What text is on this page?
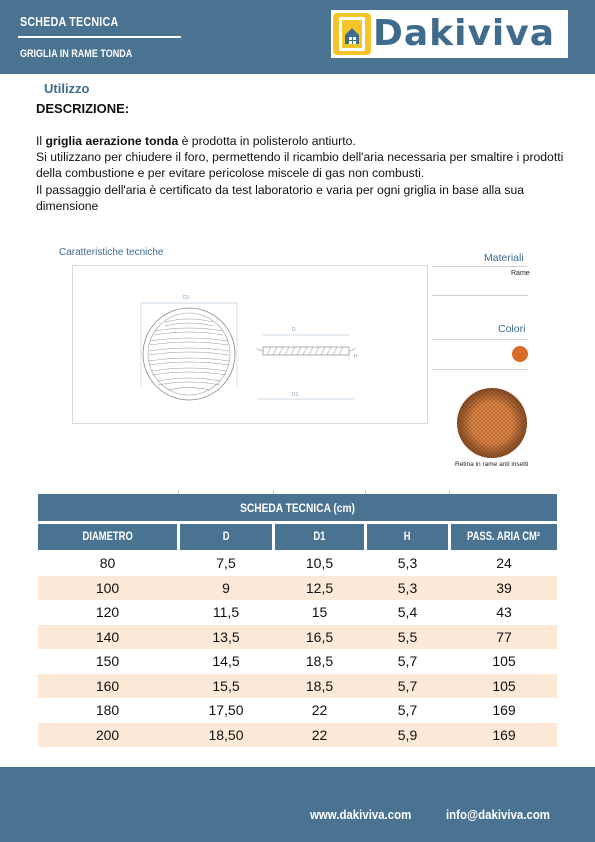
SCHEDA TECNICA
GRIGLIA IN RAME TONDA	Dakiviva
Utilizzo
DESCRIZIONE:

Il griglia aerazione tonda è prodotta in polisterolo antiurto.

Si utilizzano per chiudere il foro, permettendo il ricambio dell'aria necessaria per smaltire i prodotti della combustione e per evitare pericolose miscele di gas non combusti.

Il passaggio dell'aria è certificato da test laboratorio e varia per ogni griglia in base alla sua dimensione

Caratteristiche tecniche
D1
D
H
D1
Materiali
Rame
Colori
Retina in rame anti insetti
SCHEDA TECNICA (cm)
DIAMETRO	D	D1	H	PASS. ARIA CM²
80	7,5	10,5	5,3	24
100	9	12,5	5,3	39
120	11,5	15	5,4	43
140	13,5	16,5	5,5	77
150	14,5	18,5	5,7	105
160	15,5	18,5	5,7	105
180	17,50	22	5,7	169
200	18,50	22	5,9	169
www.dakiviva.com	info@dakiviva.com
